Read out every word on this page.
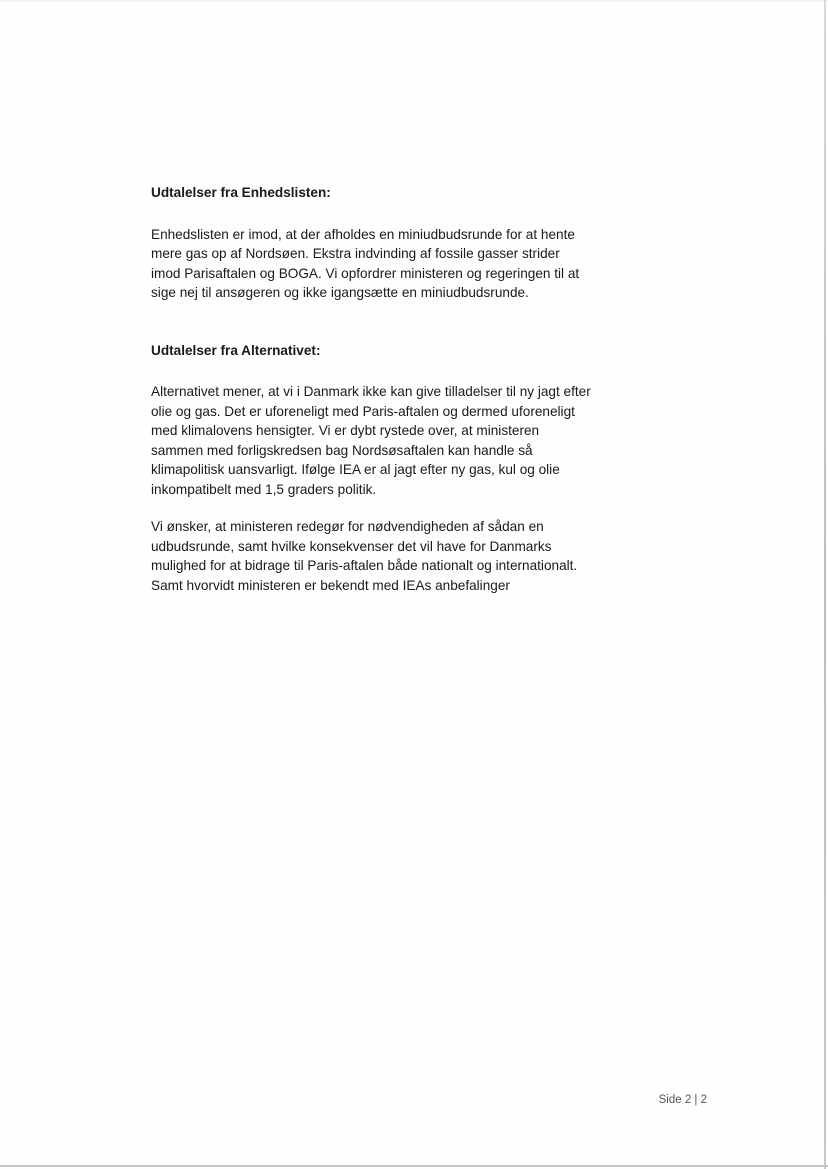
Udtalelser fra Enhedslisten:

Enhedslisten er imod, at der afholdes en miniudbudsrunde for at hente mere gas op af Nordsøen. Ekstra indvinding af fossile gasser strider imod Parisaftalen og BOGA. Vi opfordrer ministeren og regeringen til at sige nej til ansøgeren og ikke igangsætte en miniudbudsrunde.

Udtalelser fra Alternativet:

Alternativet mener, at vi i Danmark ikke kan give tilladelser til ny jagt efter olie og gas. Det er uforeneligt med Paris-aftalen og dermed uforeneligt med klimalovens hensigter. Vi er dybt rystede over, at ministeren sammen med forligskredsen bag Nordsøsaftalen kan handle så klimapolitisk uansvarligt. Ifølge IEA er al jagt efter ny gas, kul og olie inkompatibelt med 1,5 graders politik.

Vi ønsker, at ministeren redegør for nødvendigheden af sådan en udbudsrunde, samt hvilke konsekvenser det vil have for Danmarks mulighed for at bidrage til Paris-aftalen både nationalt og internationalt. Samt hvorvidt ministeren er bekendt med IEAs anbefalinger

Side 2 | 2
